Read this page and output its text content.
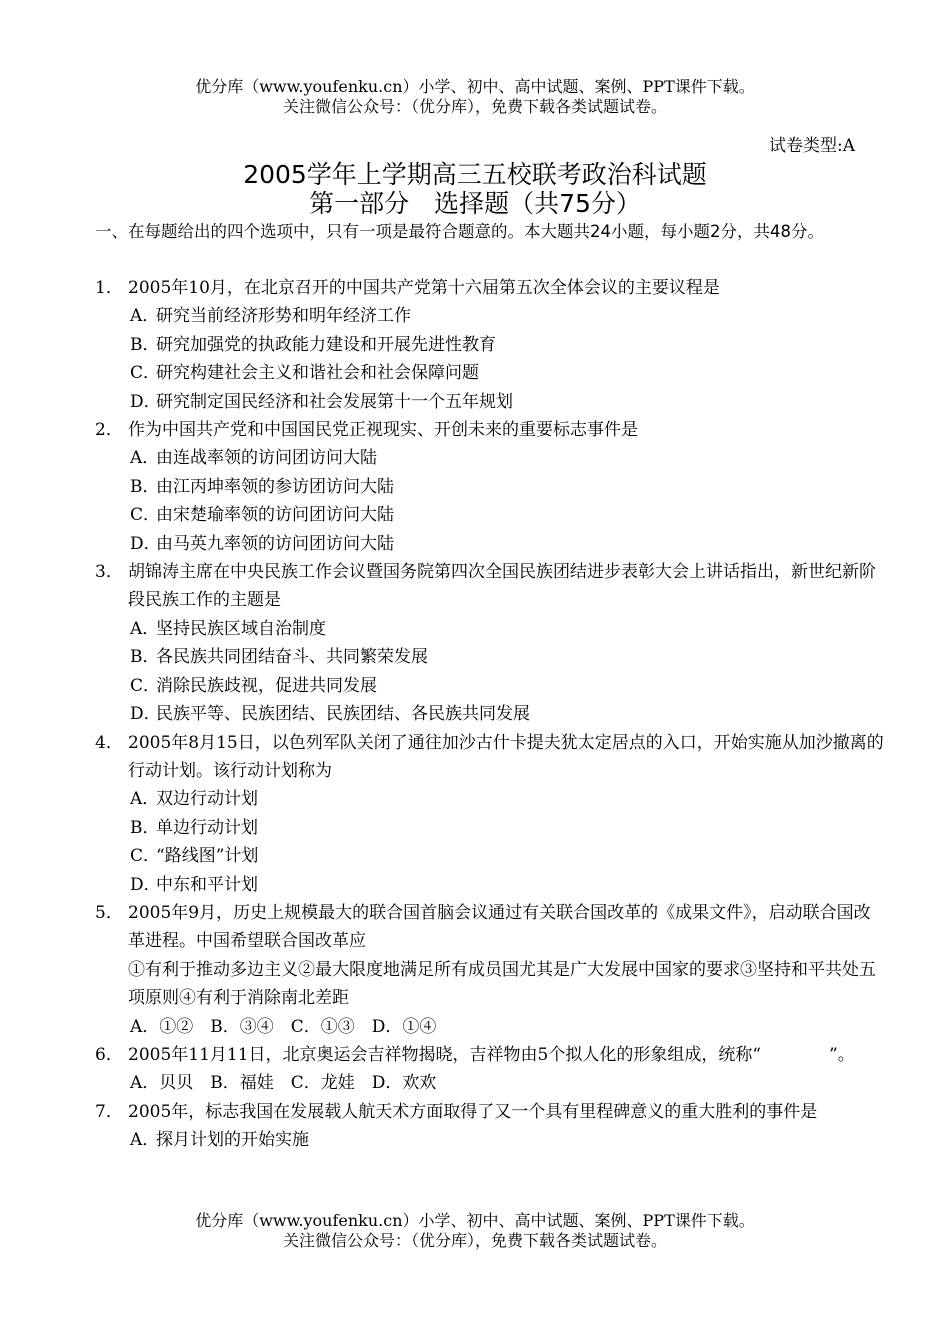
优分库（www.youfenku.cn）小学、初中、高中试题、案例、PPT课件下载。
关注微信公众号：（优分库），免费下载各类试题试卷。
试卷类型:A
2005学年上学期高三五校联考政治科试题
第一部分　选择题（共75分）
一、在每题给出的四个选项中，只有一项是最符合题意的。本大题共24小题，每小题2分，共48分。
1． 2005年10月，在北京召开的中国共产党第十六届第五次全体会议的主要议程是
A．研究当前经济形势和明年经济工作
B．研究加强党的执政能力建设和开展先进性教育
C．研究构建社会主义和谐社会和社会保障问题
D．研究制定国民经济和社会发展第十一个五年规划
2． 作为中国共产党和中国国民党正视现实、开创未来的重要标志事件是
A．由连战率领的访问团访问大陆
B．由江丙坤率领的参访团访问大陆
C．由宋楚瑜率领的访问团访问大陆
D．由马英九率领的访问团访问大陆
3． 胡锦涛主席在中央民族工作会议暨国务院第四次全国民族团结进步表彰大会上讲话指出，新世纪新阶段民族工作的主题是
A．坚持民族区域自治制度
B．各民族共同团结奋斗、共同繁荣发展
C．消除民族歧视，促进共同发展
D．民族平等、民族团结、民族团结、各民族共同发展
4． 2005年8月15日，以色列军队关闭了通往加沙古什卡提夫犹太定居点的入口，开始实施从加沙撤离的行动计划。该行动计划称为
A．双边行动计划
B．单边行动计划
C．“路线图”计划
D．中东和平计划
5． 2005年9月，历史上规模最大的联合国首脑会议通过有关联合国改革的《成果文件》，启动联合国改革进程。中国希望联合国改革应
①有利于推动多边主义②最大限度地满足所有成员国尤其是广大发展中国家的要求③坚持和平共处五项原则④有利于消除南北差距
A．①②　B．③④　C．①③　D．①④
6． 2005年11月11日，北京奥运会吉祥物揭晓，吉祥物由5个拟人化的形象组成，统称“　　　　”。
A．贝贝　B．福娃　C．龙娃　D．欢欢
7． 2005年，标志我国在发展载人航天术方面取得了又一个具有里程碑意义的重大胜利的事件是
A．探月计划的开始实施
优分库（www.youfenku.cn）小学、初中、高中试题、案例、PPT课件下载。
关注微信公众号：（优分库），免费下载各类试题试卷。
